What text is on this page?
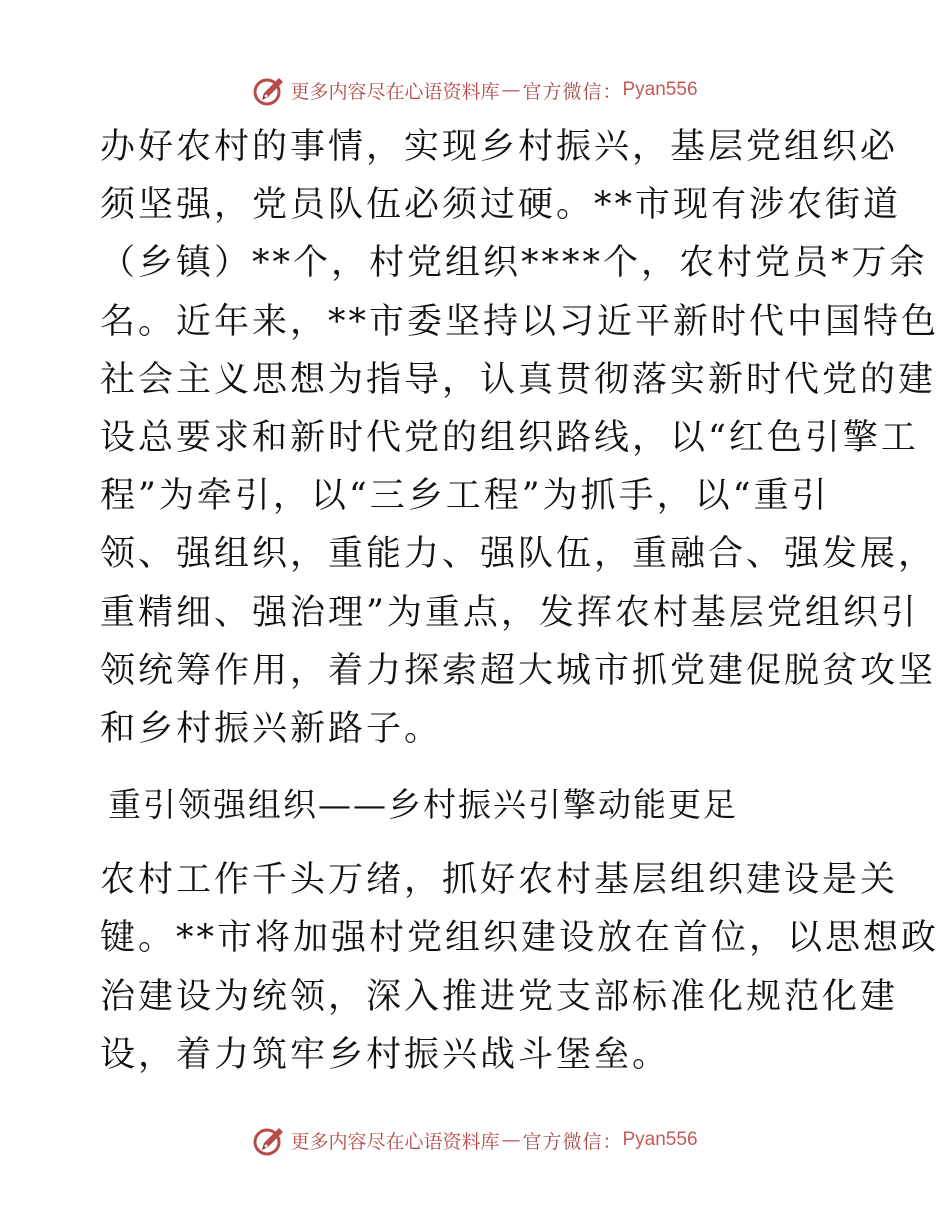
更多内容尽在心语资料库 — 官方微信： Pyan556
办好农村的事情，实现乡村振兴，基层党组织必
须坚强，党员队伍必须过硬。**市现有涉农街道
（乡镇）**个，村党组织****个，农村党员*万余
名。近年来，**市委坚持以习近平新时代中国特色
社会主义思想为指导，认真贯彻落实新时代党的建
设总要求和新时代党的组织路线，以“红色引擎工
程”为牵引，以“三乡工程”为抓手，以“重引
领、强组织，重能力、强队伍，重融合、强发展，
重精细、强治理”为重点，发挥农村基层党组织引
领统筹作用，着力探索超大城市抓党建促脱贫攻坚
和乡村振兴新路子。
重引领强组织——乡村振兴引擎动能更足
农村工作千头万绪，抓好农村基层组织建设是关
键。**市将加强村党组织建设放在首位，以思想政
治建设为统领，深入推进党支部标准化规范化建
设，着力筑牢乡村振兴战斗堡垒。
更多内容尽在心语资料库 — 官方微信： Pyan556
